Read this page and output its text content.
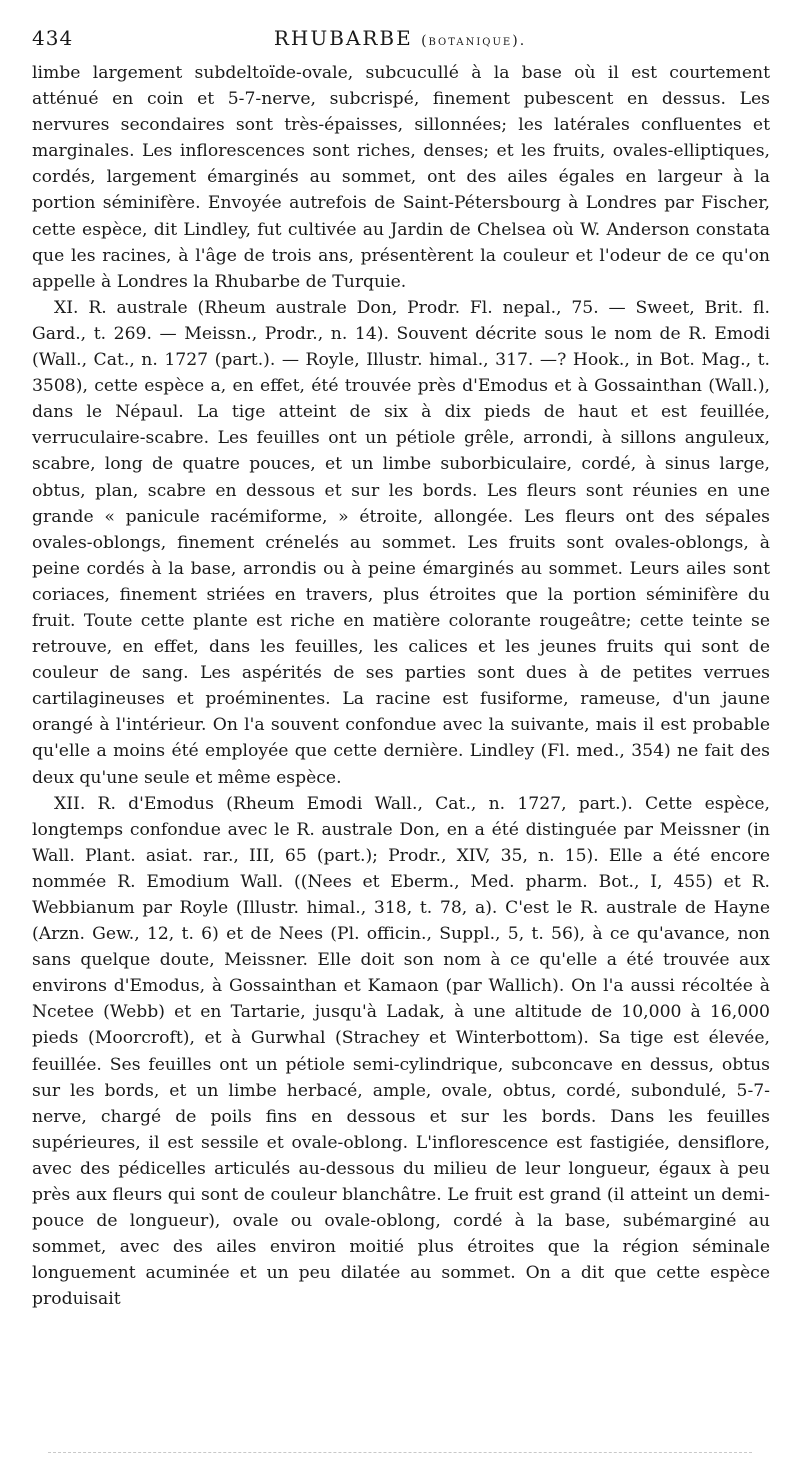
434	RHUBARBE (botanique).

limbe largement subdeltoïde-ovale, subcucullé à la base où il est courtement atténué en coin et 5-7-nerve, subcrispé, finement pubescent en dessus. Les nervures secondaires sont très-épaisses, sillonnées; les latérales confluentes et marginales. Les inflorescences sont riches, denses; et les fruits, ovales-elliptiques, cordés, largement émarginés au sommet, ont des ailes égales en largeur à la portion séminifère. Envoyée autrefois de Saint-Pétersbourg à Londres par Fischer, cette espèce, dit Lindley, fut cultivée au Jardin de Chelsea où W. Anderson constata que les racines, à l'âge de trois ans, présentèrent la couleur et l'odeur de ce qu'on appelle à Londres la Rhubarbe de Turquie.

XI. R. australe (Rheum australe Don, Prodr. Fl. nepal., 75. — Sweet, Brit. fl. Gard., t. 269. — Meissn., Prodr., n. 14). Souvent décrite sous le nom de R. Emodi (Wall., Cat., n. 1727 (part.). — Royle, Illustr. himal., 317. —? Hook., in Bot. Mag., t. 3508), cette espèce a, en effet, été trouvée près d'Emodus et à Gossainthan (Wall.), dans le Népaul. La tige atteint de six à dix pieds de haut et est feuillée, verruculaire-scabre. Les feuilles ont un pétiole grêle, arrondi, à sillons anguleux, scabre, long de quatre pouces, et un limbe suborbiculaire, cordé, à sinus large, obtus, plan, scabre en dessous et sur les bords. Les fleurs sont réunies en une grande « panicule racémiforme, » étroite, allongée. Les fleurs ont des sépales ovales-oblongs, finement crénelés au sommet. Les fruits sont ovales-oblongs, à peine cordés à la base, arrondis ou à peine émarginés au sommet. Leurs ailes sont coriaces, finement striées en travers, plus étroites que la portion séminifère du fruit. Toute cette plante est riche en matière colorante rougeâtre; cette teinte se retrouve, en effet, dans les feuilles, les calices et les jeunes fruits qui sont de couleur de sang. Les aspérités de ses parties sont dues à de petites verrues cartilagineuses et proéminentes. La racine est fusiforme, rameuse, d'un jaune orangé à l'intérieur. On l'a souvent confondue avec la suivante, mais il est probable qu'elle a moins été employée que cette dernière. Lindley (Fl. med., 354) ne fait des deux qu'une seule et même espèce.

XII. R. d'Emodus (Rheum Emodi Wall., Cat., n. 1727, part.). Cette espèce, longtemps confondue avec le R. australe Don, en a été distinguée par Meissner (in Wall. Plant. asiat. rar., III, 65 (part.); Prodr., XIV, 35, n. 15). Elle a été encore nommée R. Emodium Wall. ((Nees et Eberm., Med. pharm. Bot., I, 455) et R. Webbianum par Royle (Illustr. himal., 318, t. 78, a). C'est le R. australe de Hayne (Arzn. Gew., 12, t. 6) et de Nees (Pl. officin., Suppl., 5, t. 56), à ce qu'avance, non sans quelque doute, Meissner. Elle doit son nom à ce qu'elle a été trouvée aux environs d'Emodus, à Gossainthan et Kamaon (par Wallich). On l'a aussi récoltée à Ncetee (Webb) et en Tartarie, jusqu'à Ladak, à une altitude de 10,000 à 16,000 pieds (Moorcroft), et à Gurwhal (Strachey et Winterbottom). Sa tige est élevée, feuillée. Ses feuilles ont un pétiole semi-cylindrique, subconcave en dessus, obtus sur les bords, et un limbe herbacé, ample, ovale, obtus, cordé, subondulé, 5-7-nerve, chargé de poils fins en dessous et sur les bords. Dans les feuilles supérieures, il est sessile et ovale-oblong. L'inflorescence est fastigiée, densiflore, avec des pédicelles articulés au-dessous du milieu de leur longueur, égaux à peu près aux fleurs qui sont de couleur blanchâtre. Le fruit est grand (il atteint un demi-pouce de longueur), ovale ou ovale-oblong, cordé à la base, subémarginé au sommet, avec des ailes environ moitié plus étroites que la région séminale longuement acuminée et un peu dilatée au sommet. On a dit que cette espèce produisait
